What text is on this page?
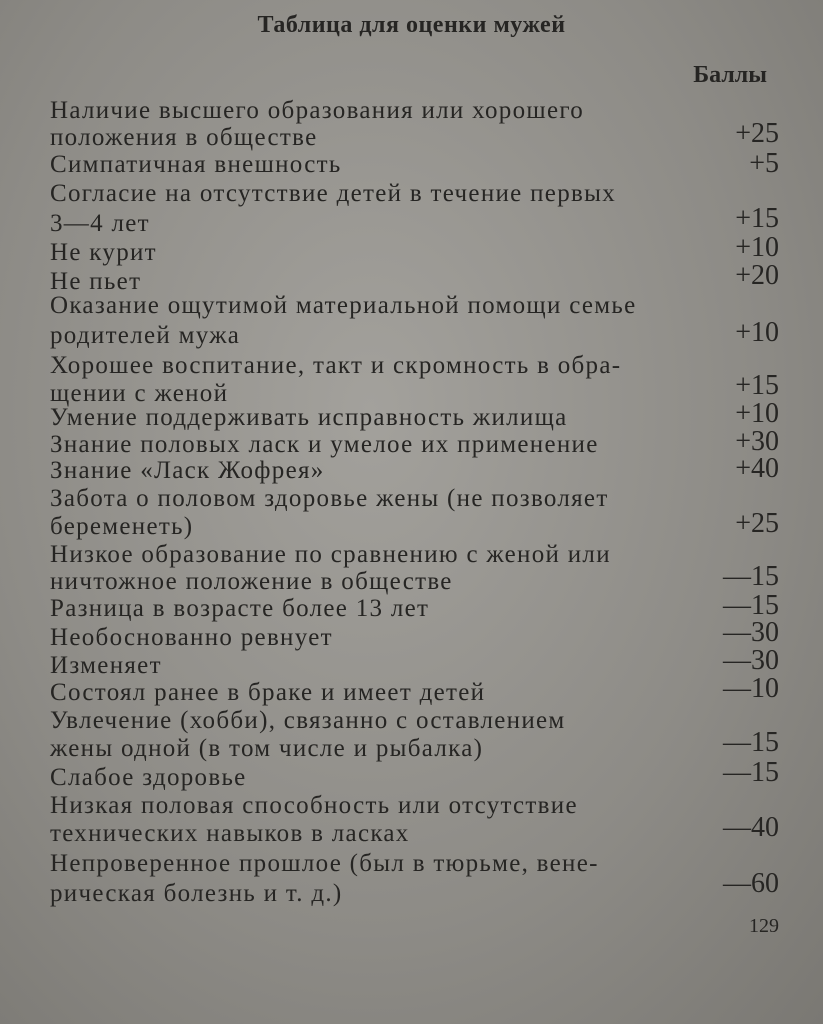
Таблица для оценки мужей
Баллы
Наличие высшего образования или хорошего
положения в обществе
Симпатичная внешность
Согласие на отсутствие детей в течение первых
3—4 лет
Не курит
Не пьет
Оказание ощутимой материальной помощи семье
родителей мужа
Хорошее воспитание, такт и скромность в обра-
щении с женой
Умение поддерживать исправность жилища
Знание половых ласк и умелое их применение
Знание «Ласк Жофрея»
Забота о половом здоровье жены (не позволяет
беременеть)
Низкое образование по сравнению с женой или
ничтожное положение в обществе
Разница в возрасте более 13 лет
Необоснованно ревнует
Изменяет
Состоял ранее в браке и имеет детей
Увлечение (хобби), связанно с оставлением
жены одной (в том числе и рыбалка)
Слабое здоровье
Низкая половая способность или отсутствие
технических навыков в ласках
Непроверенное прошлое (был в тюрьме, вене-
рическая болезнь и т. д.)
+25
+5
+15
+10
+20
+10
+15
+10
+30
+40
+25
—15
—15
—30
—30
—10
—15
—15
—40
—60
129
